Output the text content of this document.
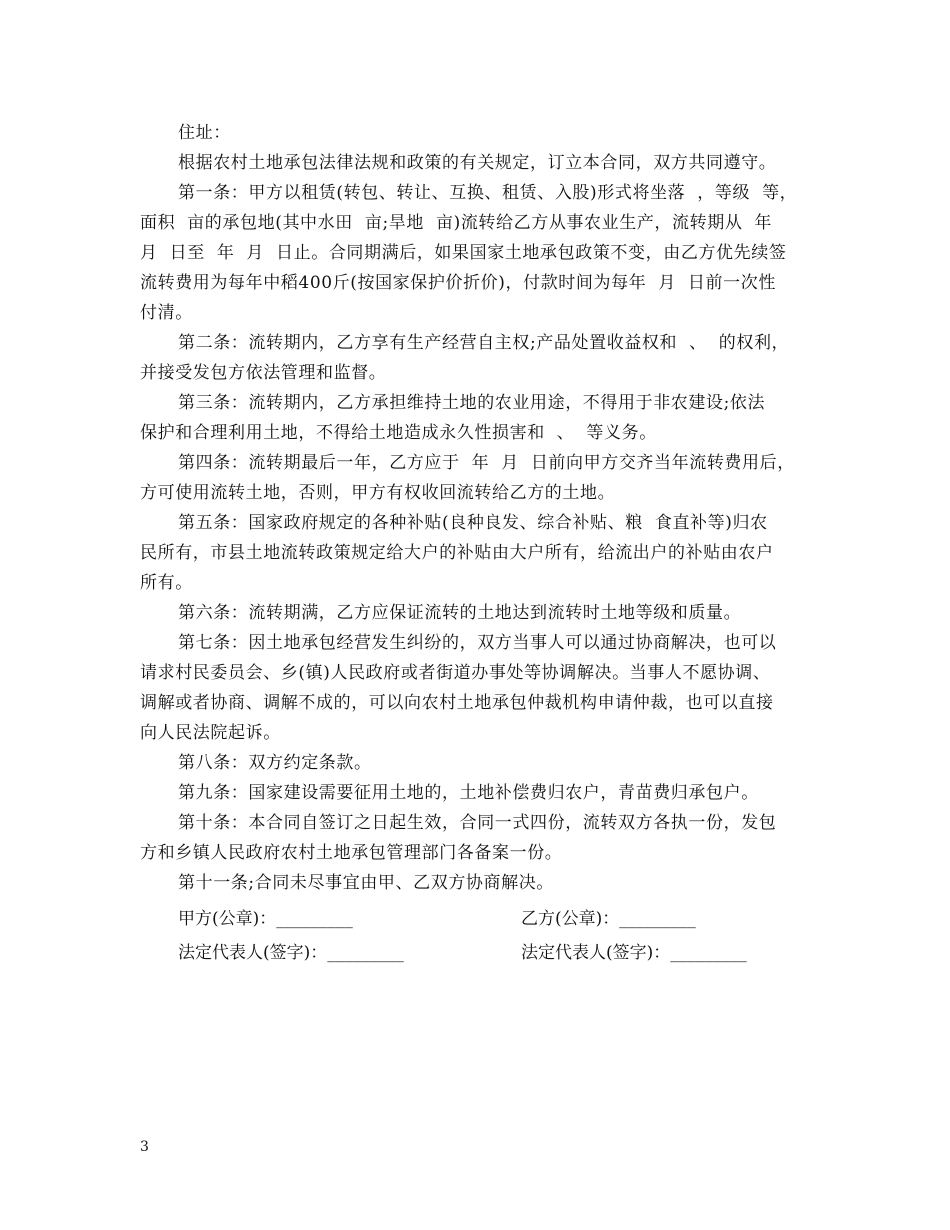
住址：
根据农村土地承包法律法规和政策的有关规定，订立本合同，双方共同遵守。
第一条：甲方以租赁(转包、转让、互换、租赁、入股)形式将坐落  ，等级  等，
面积  亩的承包地(其中水田  亩;旱地  亩)流转给乙方从事农业生产，流转期从  年
月  日至  年  月  日止。合同期满后，如果国家土地承包政策不变，由乙方优先续签
流转费用为每年中稻400斤(按国家保护价折价)，付款时间为每年  月  日前一次性
付清。
第二条：流转期内，乙方享有生产经营自主权;产品处置收益权和  、  的权利，
并接受发包方依法管理和监督。
第三条：流转期内，乙方承担维持土地的农业用途，不得用于非农建设;依法
保护和合理利用土地，不得给土地造成永久性损害和  、  等义务。
第四条：流转期最后一年，乙方应于  年  月  日前向甲方交齐当年流转费用后，
方可使用流转土地，否则，甲方有权收回流转给乙方的土地。
第五条：国家政府规定的各种补贴(良种良发、综合补贴、粮  食直补等)归农
民所有，市县土地流转政策规定给大户的补贴由大户所有，给流出户的补贴由农户
所有。
第六条：流转期满，乙方应保证流转的土地达到流转时土地等级和质量。
第七条：因土地承包经营发生纠纷的，双方当事人可以通过协商解决，也可以
请求村民委员会、乡(镇)人民政府或者街道办事处等协调解决。当事人不愿协调、
调解或者协商、调解不成的，可以向农村土地承包仲裁机构申请仲裁，也可以直接
向人民法院起诉。
第八条：双方约定条款。
第九条：国家建设需要征用土地的，土地补偿费归农户，青苗费归承包户。
第十条：本合同自签订之日起生效，合同一式四份，流转双方各执一份，发包
方和乡镇人民政府农村土地承包管理部门各备案一份。
第十一条;合同未尽事宜由甲、乙双方协商解决。

甲方(公章)：_________

	乙方(公章)：_________

法定代表人(签字)：_________

	法定代表人(签字)：_________

3
